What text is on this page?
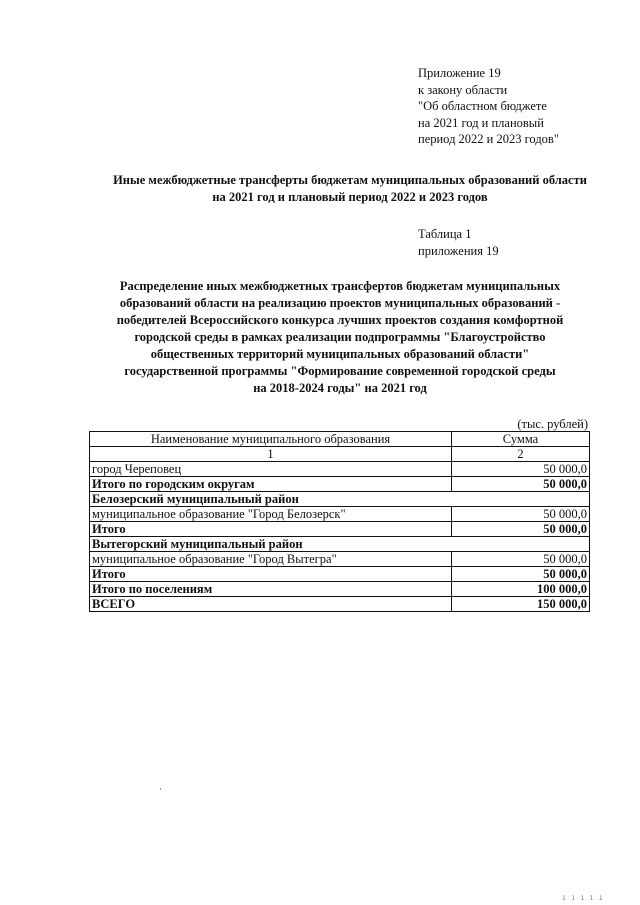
Приложение 19
к закону области
"Об областном бюджете
на 2021 год и плановый
период 2022 и 2023 годов"
Иные межбюджетные трансферты бюджетам муниципальных образований области
на 2021 год и плановый период 2022 и 2023 годов
Таблица 1
приложения 19
Распределение иных межбюджетных трансфертов бюджетам муниципальных
образований области на реализацию проектов муниципальных образований -
победителей Всероссийского конкурса лучших проектов создания комфортной
городской среды в рамках реализации подпрограммы "Благоустройство
общественных территорий муниципальных образований области"
государственной программы "Формирование современной городской среды
на 2018-2024 годы" на 2021 год
(тыс. рублей)
Наименование муниципального образования	Сумма
1	2
город Череповец	50 000,0
Итого по городским округам	50 000,0
Белозерский муниципальный район	
муниципальное образование "Город Белозерск"	50 000,0
Итого	50 000,0
Вытегорский муниципальный район	
муниципальное образование "Город Вытегра"	50 000,0
Итого	50 000,0
Итого по поселениям	100 000,0
ВСЕГО	150 000,0
1 1 1 1 1
